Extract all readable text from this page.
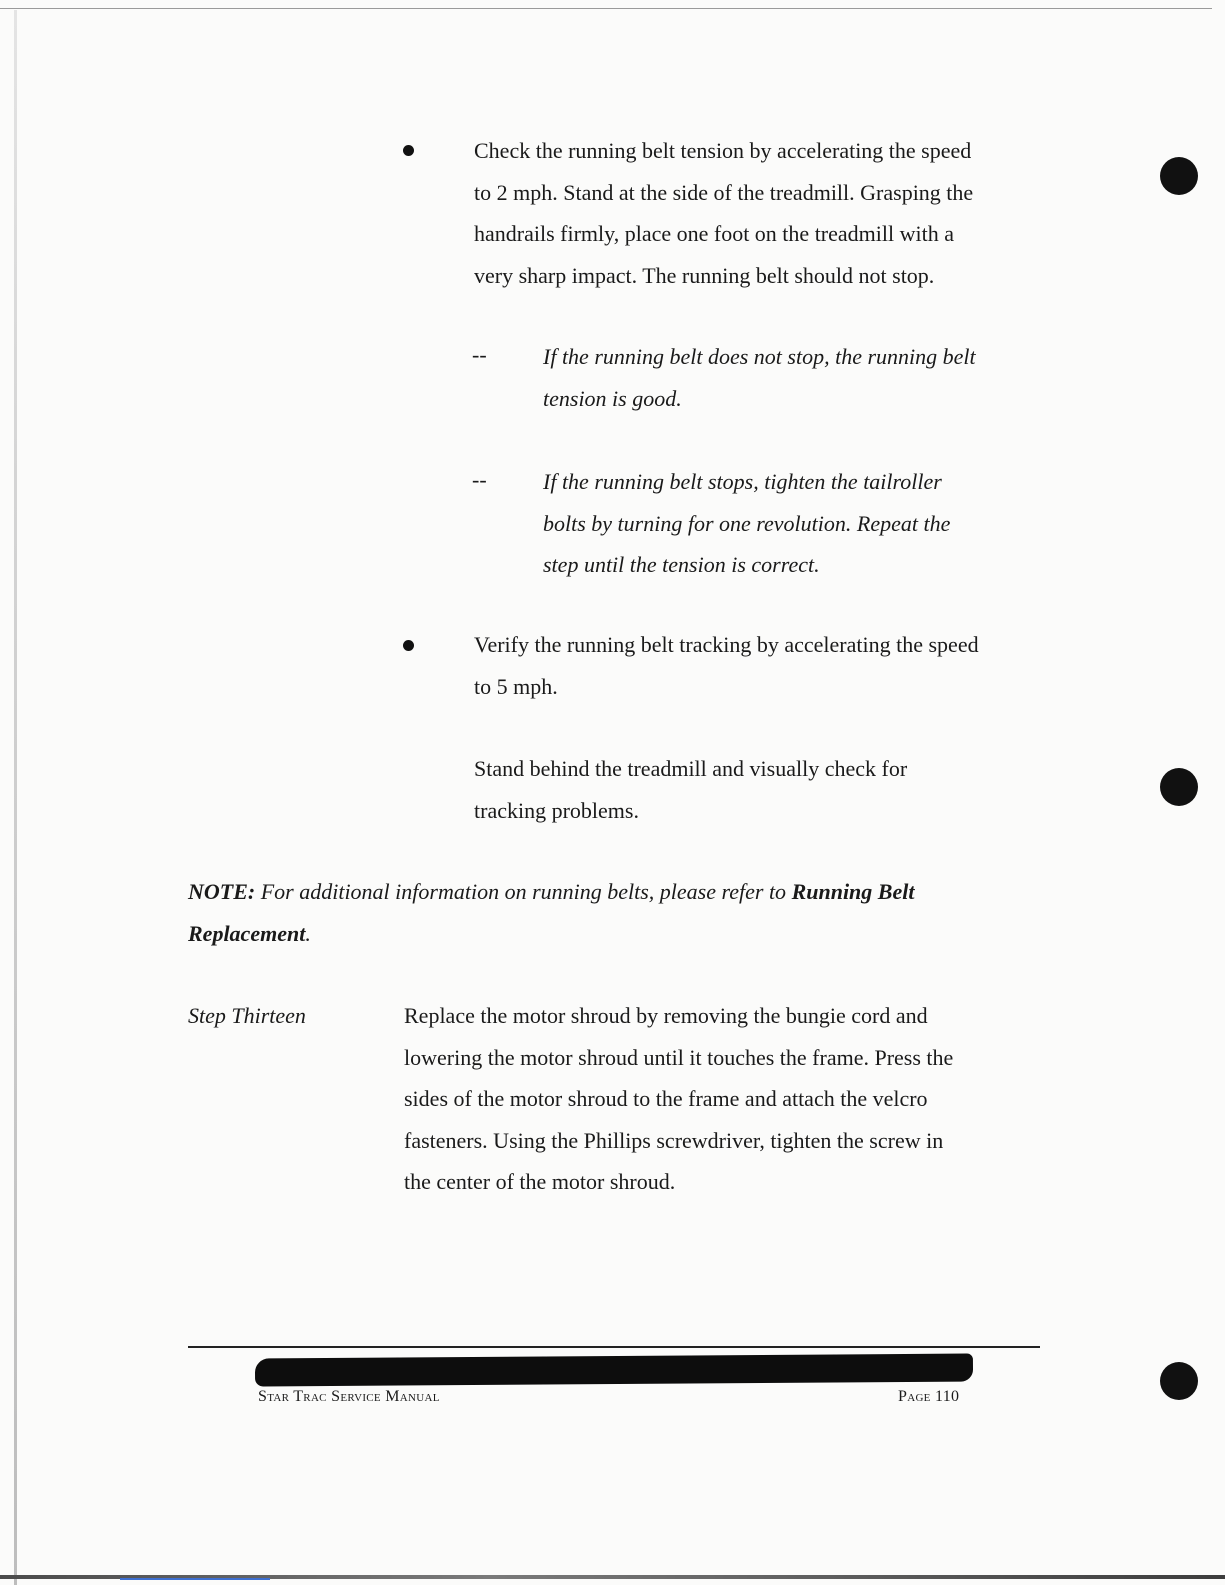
Check the running belt tension by accelerating the speed
to 2 mph. Stand at the side of the treadmill. Grasping the
handrails firmly, place one foot on the treadmill with a
very sharp impact. The running belt should not stop.
--	If the running belt does not stop, the running belt
tension is good.
--	If the running belt stops, tighten the tailroller
bolts by turning for one revolution. Repeat the
step until the tension is correct.
Verify the running belt tracking by accelerating the speed
to 5 mph.
Stand behind the treadmill and visually check for
tracking problems.
NOTE: For additional information on running belts, please refer to Running Belt
Replacement.
Step Thirteen	Replace the motor shroud by removing the bungie cord and
lowering the motor shroud until it touches the frame. Press the
sides of the motor shroud to the frame and attach the velcro
fasteners. Using the Phillips screwdriver, tighten the screw in
the center of the motor shroud.
Star Trac Service Manual	Page 110
